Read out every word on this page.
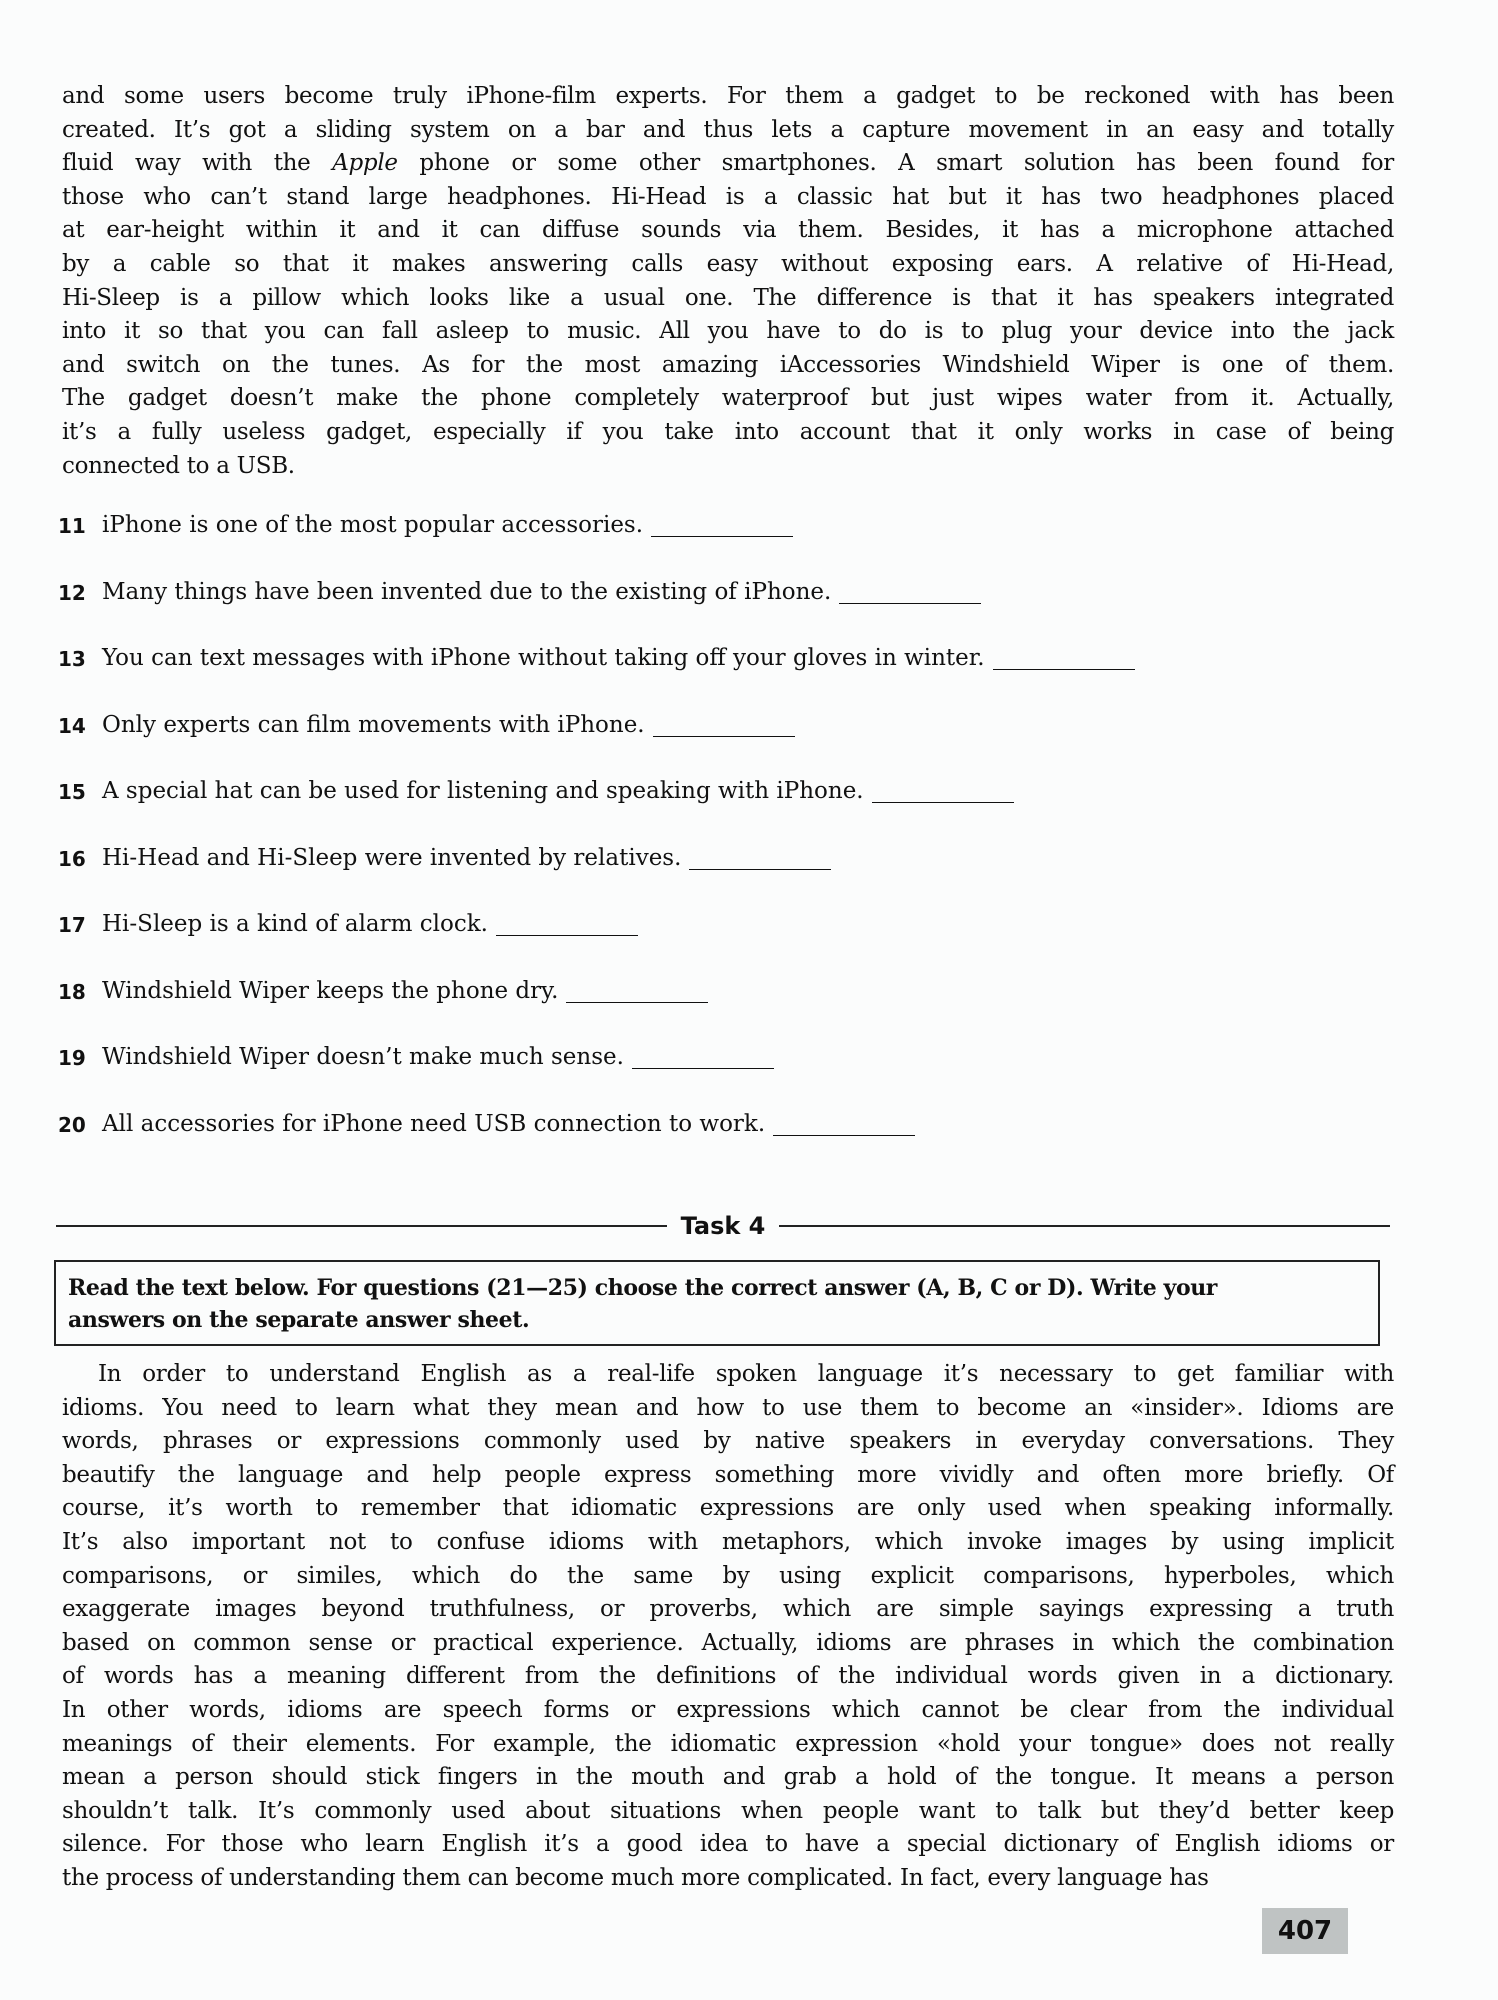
and some users become truly iPhone-film experts. For them a gadget to be reckoned with has been
created. It’s got a sliding system on a bar and thus lets a capture movement in an easy and totally
fluid way with the Apple phone or some other smartphones. A smart solution has been found for
those who can’t stand large headphones. Hi-Head is a classic hat but it has two headphones placed
at ear-height within it and it can diffuse sounds via them. Besides, it has a microphone attached
by a cable so that it makes answering calls easy without exposing ears. A relative of Hi-Head,
Hi-Sleep is a pillow which looks like a usual one. The difference is that it has speakers integrated
into it so that you can fall asleep to music. All you have to do is to plug your device into the jack
and switch on the tunes. As for the most amazing iAccessories Windshield Wiper is one of them.
The gadget doesn’t make the phone completely waterproof but just wipes water from it. Actually,
it’s a fully useless gadget, especially if you take into account that it only works in case of being
connected to a USB.
11 iPhone is one of the most popular accessories.
12 Many things have been invented due to the existing of iPhone.
13 You can text messages with iPhone without taking off your gloves in winter.
14 Only experts can film movements with iPhone.
15 A special hat can be used for listening and speaking with iPhone.
16 Hi-Head and Hi-Sleep were invented by relatives.
17 Hi-Sleep is a kind of alarm clock.
18 Windshield Wiper keeps the phone dry.
19 Windshield Wiper doesn’t make much sense.
20 All accessories for iPhone need USB connection to work.
Task 4
Read the text below. For questions (21—25) choose the correct answer (A, B, C or D). Write your
answers on the separate answer sheet.
In order to understand English as a real-life spoken language it’s necessary to get familiar with
idioms. You need to learn what they mean and how to use them to become an «insider». Idioms are
words, phrases or expressions commonly used by native speakers in everyday conversations. They
beautify the language and help people express something more vividly and often more briefly. Of
course, it’s worth to remember that idiomatic expressions are only used when speaking informally.
It’s also important not to confuse idioms with metaphors, which invoke images by using implicit
comparisons, or similes, which do the same by using explicit comparisons, hyperboles, which
exaggerate images beyond truthfulness, or proverbs, which are simple sayings expressing a truth
based on common sense or practical experience. Actually, idioms are phrases in which the combination
of words has a meaning different from the definitions of the individual words given in a dictionary.
In other words, idioms are speech forms or expressions which cannot be clear from the individual
meanings of their elements. For example, the idiomatic expression «hold your tongue» does not really
mean a person should stick fingers in the mouth and grab a hold of the tongue. It means a person
shouldn’t talk. It’s commonly used about situations when people want to talk but they’d better keep
silence. For those who learn English it’s a good idea to have a special dictionary of English idioms or
the process of understanding them can become much more complicated. In fact, every language has
407
